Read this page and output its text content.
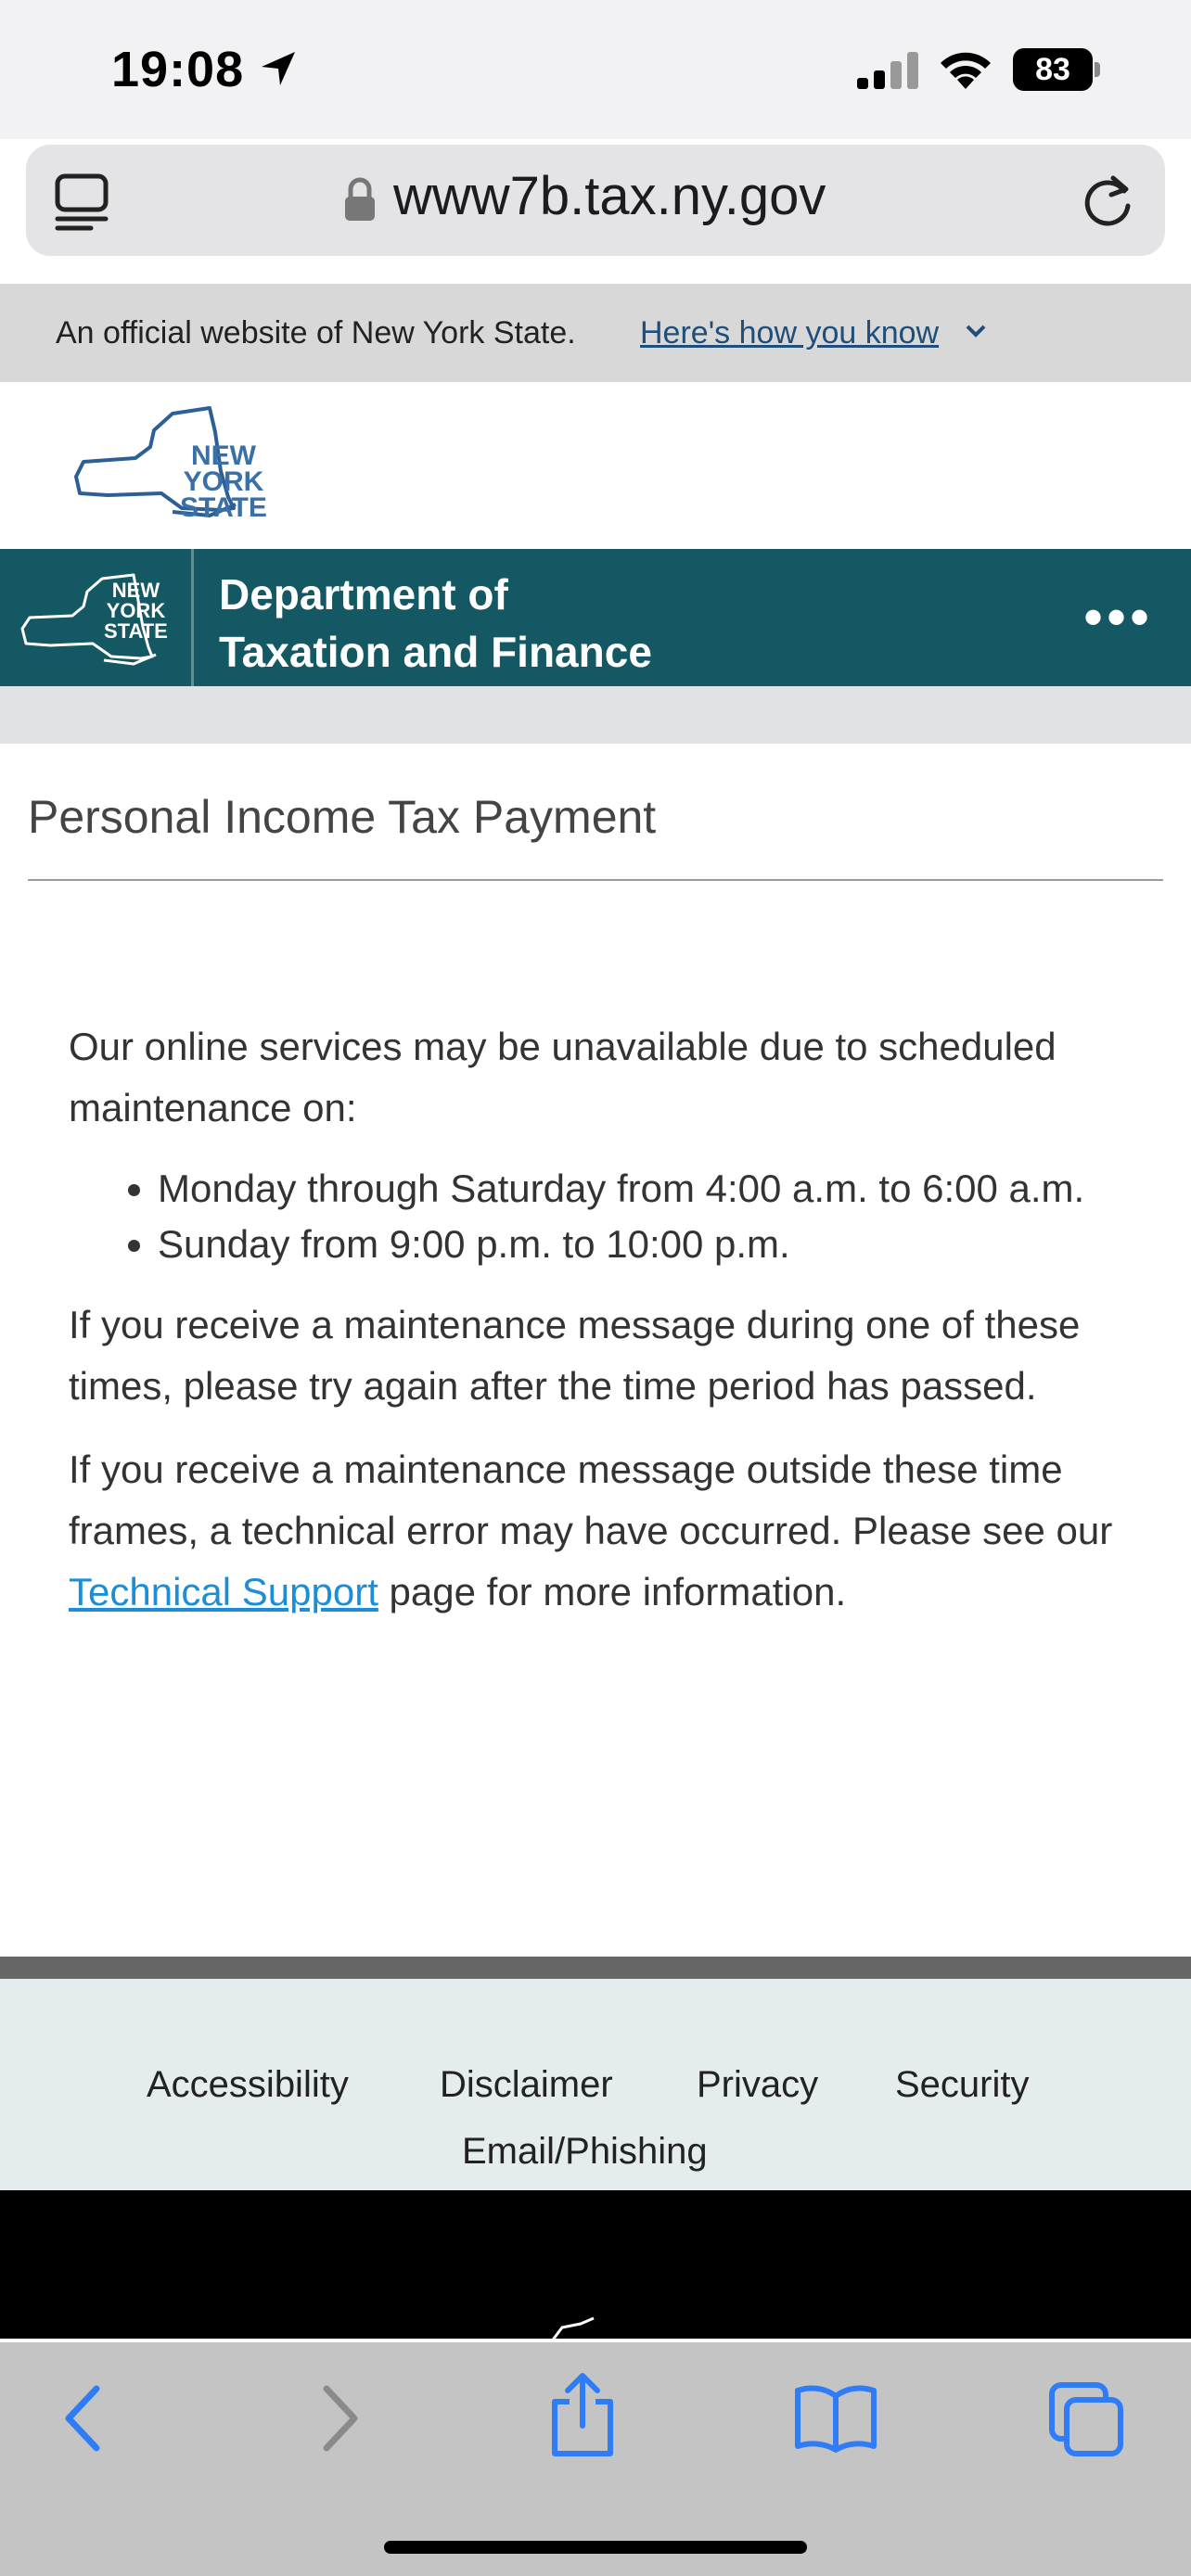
19:08	83
www7b.tax.ny.gov
An official website of New York State. Here's how you know
NEW
YORK
STATE
NEW
YORK
STATE
Department of
Taxation and Finance
•••
Personal Income Tax Payment

Our online services may be unavailable due to scheduled maintenance on:

• Monday through Saturday from 4:00 a.m. to 6:00 a.m.
• Sunday from 9:00 p.m. to 10:00 p.m.

If you receive a maintenance message during one of these times, please try again after the time period has passed.

If you receive a maintenance message outside these time frames, a technical error may have occurred. Please see our Technical Support page for more information.

Accessibility Disclaimer Privacy Security
Email/Phishing
